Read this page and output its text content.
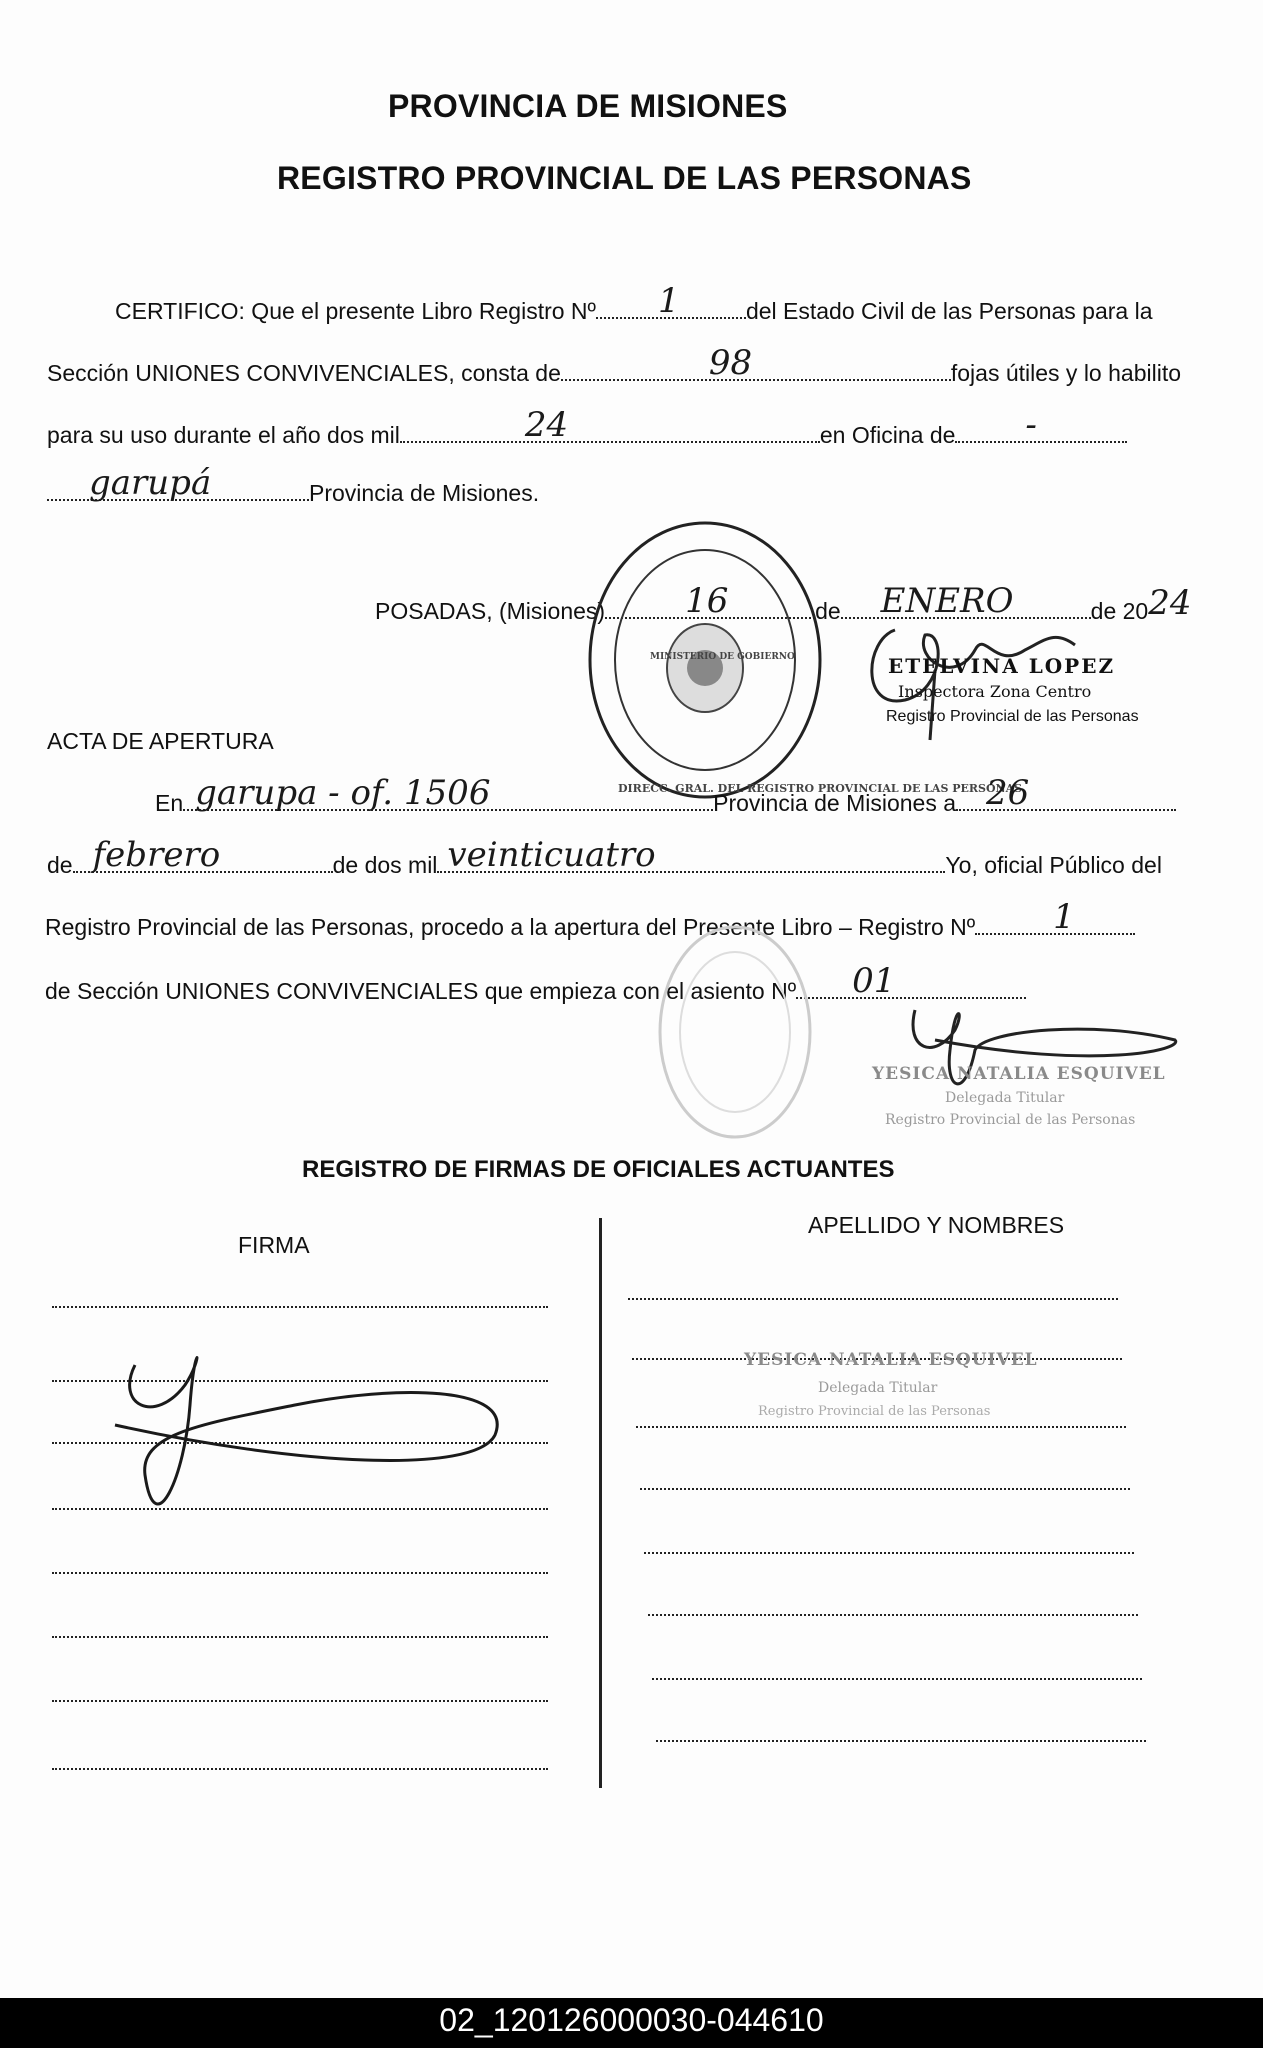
PROVINCIA DE MISIONES
REGISTRO PROVINCIAL DE LAS PERSONAS
CERTIFICO: Que el presente Libro Registro Nº 1	del Estado Civil de las Personas para la
Sección UNIONES CONVIVENCIALES, consta de	98	fojas útiles y lo habilito
para su uso durante el año dos mil	24	en Oficina de -
garupá	Provincia de Misiones.
POSADAS, (Misiones) 16	de ENERO	de 20 24
DIRECC. GRAL. DEL REGISTRO PROVINCIAL DE LAS PERSONAS
MINISTERIO DE GOBIERNO	ETELVINA LOPEZ
Inspectora Zona Centro
Registro Provincial de las Personas
ACTA DE APERTURA
En garupa - of. 1506	Provincia de Misiones a 26
de febrero	de dos mil veinticuatro	Yo, oficial Público del
Registro Provincial de las Personas, procedo a la apertura del Presente Libro – Registro Nº 1
de Sección UNIONES CONVIVENCIALES que empieza con el asiento Nº 01
YESICA NATALIA ESQUIVEL
Delegada Titular
Registro Provincial de las Personas
REGISTRO DE FIRMAS DE OFICIALES ACTUANTES
FIRMA
APELLIDO Y NOMBRES
YESICA NATALIA ESQUIVEL
Delegada Titular
Registro Provincial de las Personas
02_120126000030-044610
